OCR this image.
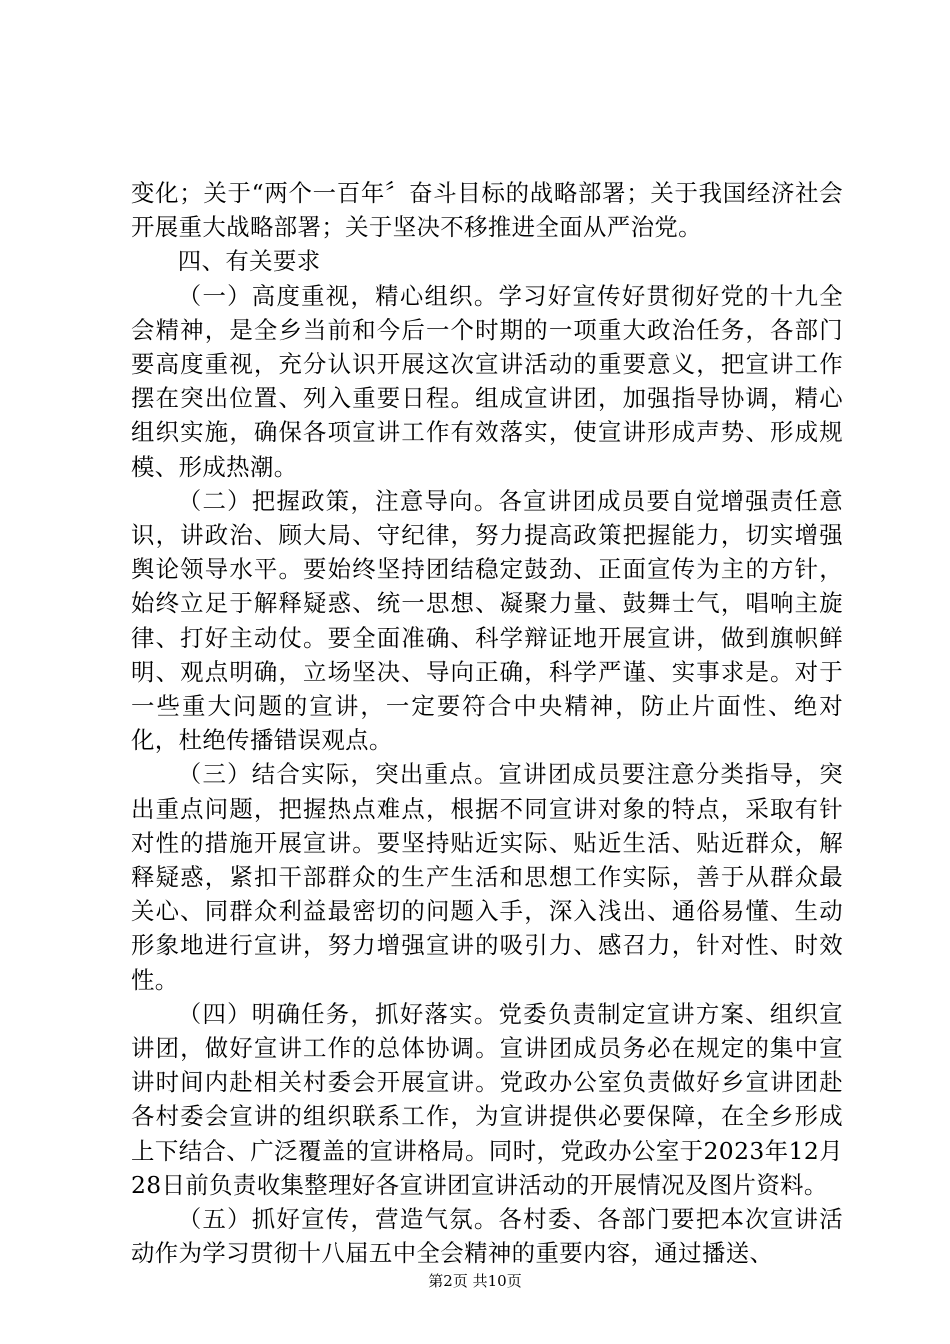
变化；关于“两个一百年〞奋斗目标的战略部署；关于我国经济社会开展重大战略部署；关于坚决不移推进全面从严治党。

四、有关要求

（一）高度重视，精心组织。学习好宣传好贯彻好党的十九全会精神，是全乡当前和今后一个时期的一项重大政治任务，各部门要高度重视，充分认识开展这次宣讲活动的重要意义，把宣讲工作摆在突出位置、列入重要日程。组成宣讲团，加强指导协调，精心组织实施，确保各项宣讲工作有效落实，使宣讲形成声势、形成规模、形成热潮。

（二）把握政策，注意导向。各宣讲团成员要自觉增强责任意识，讲政治、顾大局、守纪律，努力提高政策把握能力，切实增强舆论领导水平。要始终坚持团结稳定鼓劲、正面宣传为主的方针，始终立足于解释疑惑、统一思想、凝聚力量、鼓舞士气，唱响主旋律、打好主动仗。要全面准确、科学辩证地开展宣讲，做到旗帜鲜明、观点明确，立场坚决、导向正确，科学严谨、实事求是。对于一些重大问题的宣讲，一定要符合中央精神，防止片面性、绝对化，杜绝传播错误观点。

（三）结合实际，突出重点。宣讲团成员要注意分类指导，突出重点问题，把握热点难点，根据不同宣讲对象的特点，采取有针对性的措施开展宣讲。要坚持贴近实际、贴近生活、贴近群众，解释疑惑，紧扣干部群众的生产生活和思想工作实际，善于从群众最关心、同群众利益最密切的问题入手，深入浅出、通俗易懂、生动形象地进行宣讲，努力增强宣讲的吸引力、感召力，针对性、时效性。

（四）明确任务，抓好落实。党委负责制定宣讲方案、组织宣讲团，做好宣讲工作的总体协调。宣讲团成员务必在规定的集中宣讲时间内赴相关村委会开展宣讲。党政办公室负责做好乡宣讲团赴各村委会宣讲的组织联系工作，为宣讲提供必要保障，在全乡形成上下结合、广泛覆盖的宣讲格局。同时，党政办公室于2023年12月28日前负责收集整理好各宣讲团宣讲活动的开展情况及图片资料。

（五）抓好宣传，营造气氛。各村委、各部门要把本次宣讲活动作为学习贯彻十八届五中全会精神的重要内容，通过播送、

第2页 共10页
